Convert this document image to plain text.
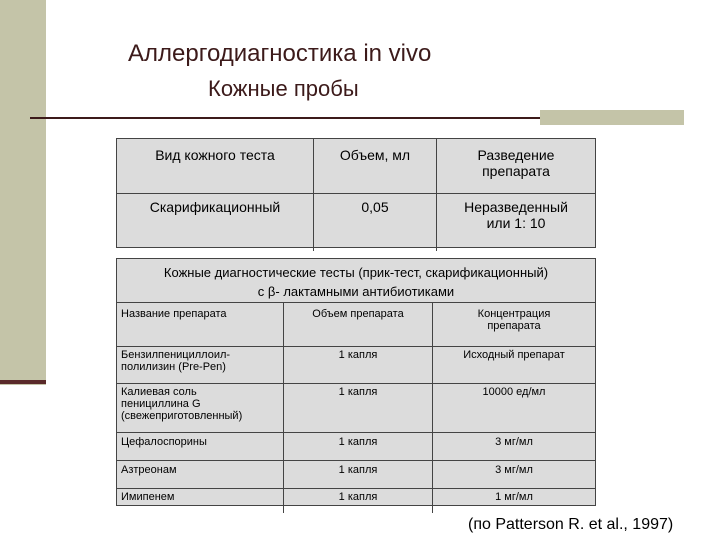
Аллергодиагностика in vivo
Кожные пробы
Вид кожного теста	Объем, мл	Разведение
препарата

Скарификационный	0,05	Неразведенный
или 1: 10
Кожные диагностические тесты (прик-тест, скарификационный)
с β- лактамными антибиотиками
Название препарата	Объем препарата	Концентрация
препарата

Бензилпенициллоил-
полилизин (Pre-Pen)	1 капля	Исходный препарат

Калиевая соль
пенициллина G
(свежеприготовленный)	1 капля	10000 ед/мл
Цефалоспорины	1 капля	3 мг/мл
Азтреонам	1 капля	3 мг/мл
Имипенем	1 капля	1 мг/мл
(по Patterson R. et al., 1997)
